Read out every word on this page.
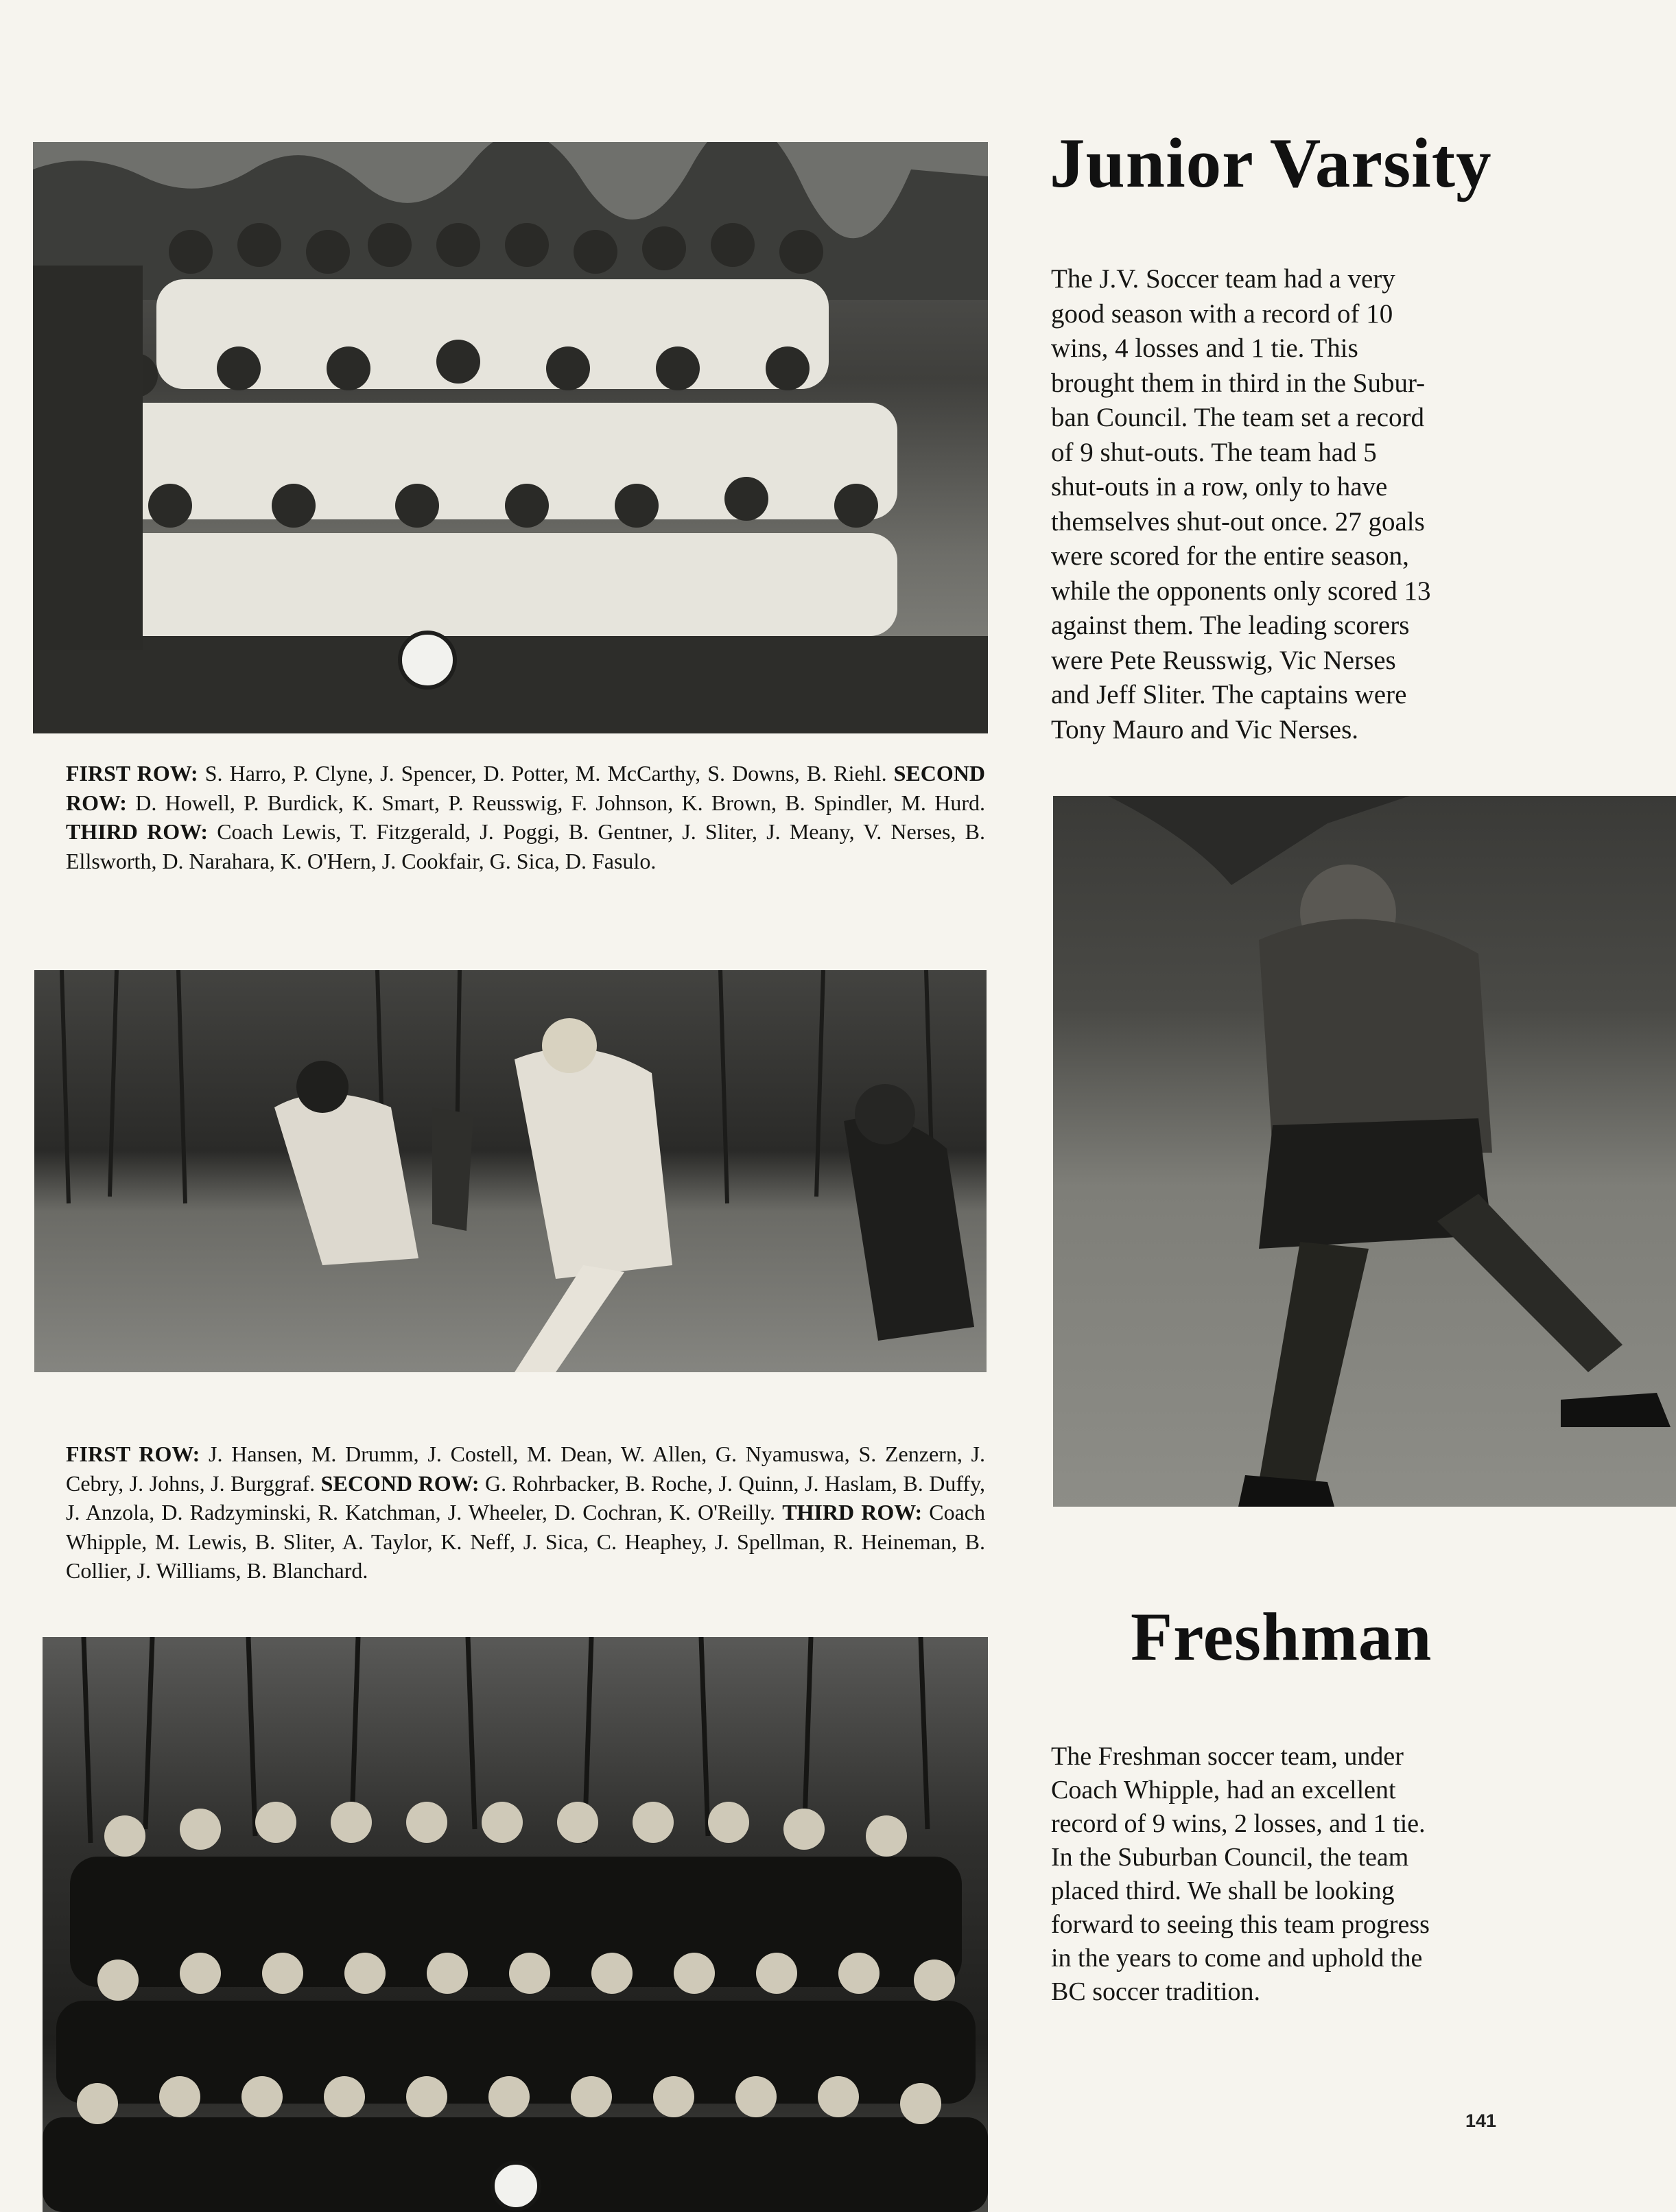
Junior Varsity
The J.V. Soccer team had a very
good season with a record of 10
wins, 4 losses and 1 tie. This
brought them in third in the Subur-
ban Council. The team set a record
of 9 shut-outs. The team had 5
shut-outs in a row, only to have
themselves shut-out once. 27 goals
were scored for the entire season,
while the opponents only scored 13
against them. The leading scorers
were Pete Reusswig, Vic Nerses
and Jeff Sliter. The captains were
Tony Mauro and Vic Nerses.

FIRST ROW: S. Harro, P. Clyne, J. Spencer, D. Potter, M. McCarthy, S. Downs, B. Riehl. SECOND ROW: D. Howell, P. Burdick, K. Smart, P. Reusswig, F. Johnson, K. Brown, B. Spindler, M. Hurd. THIRD ROW: Coach Lewis, T. Fitzgerald, J. Poggi, B. Gentner, J. Sliter, J. Meany, V. Nerses, B. Ellsworth, D. Narahara, K. O'Hern, J. Cookfair, G. Sica, D. Fasulo.

FIRST ROW: J. Hansen, M. Drumm, J. Costell, M. Dean, W. Allen, G. Nyamuswa, S. Zenzern, J. Cebry, J. Johns, J. Burggraf. SECOND ROW: G. Rohrbacker, B. Roche, J. Quinn, J. Haslam, B. Duffy, J. Anzola, D. Radzyminski, R. Katchman, J. Wheeler, D. Cochran, K. O'Reilly. THIRD ROW: Coach Whipple, M. Lewis, B. Sliter, A. Taylor, K. Neff, J. Sica, C. Heaphey, J. Spellman, R. Heineman, B. Collier, J. Williams, B. Blanchard.

Freshman
The Freshman soccer team, under
Coach Whipple, had an excellent
record of 9 wins, 2 losses, and 1 tie.
In the Suburban Council, the team
placed third. We shall be looking
forward to seeing this team progress
in the years to come and uphold the
BC soccer tradition.
141
